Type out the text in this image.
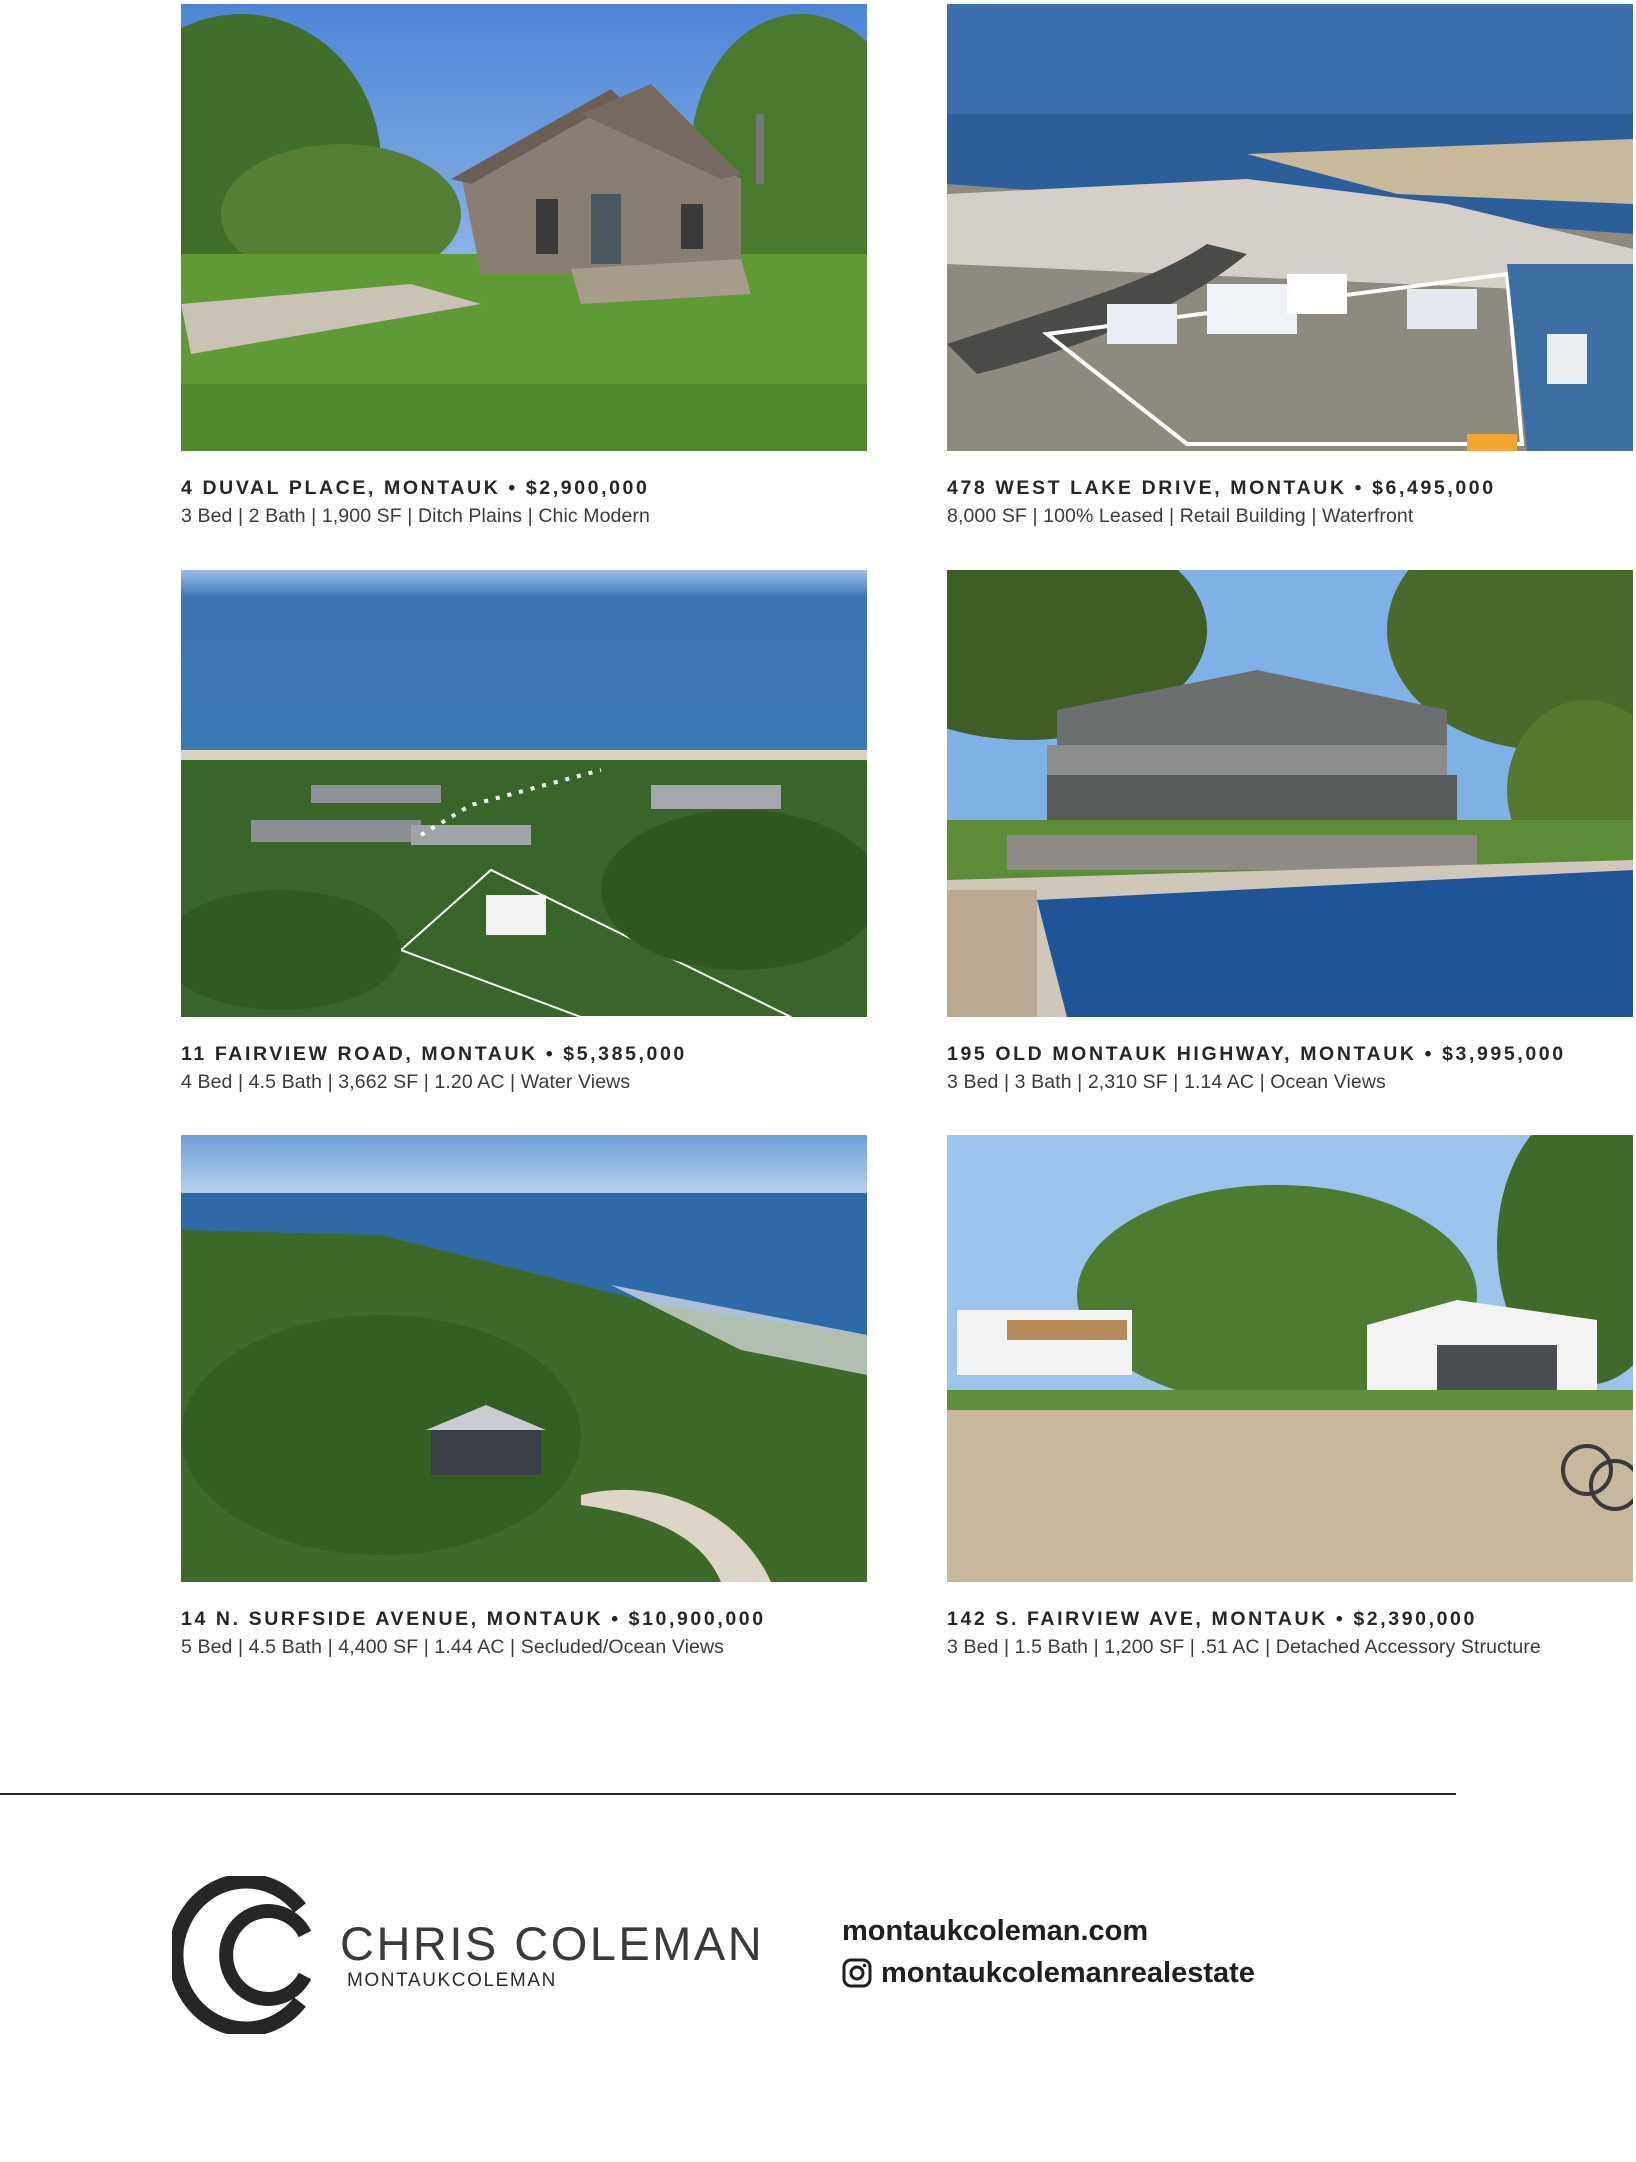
4 DUVAL PLACE, MONTAUK • $2,900,000
3 Bed | 2 Bath | 1,900 SF | Ditch Plains | Chic Modern
478 WEST LAKE DRIVE, MONTAUK • $6,495,000
8,000 SF | 100% Leased | Retail Building | Waterfront
11 FAIRVIEW ROAD, MONTAUK • $5,385,000
4 Bed | 4.5 Bath | 3,662 SF | 1.20 AC | Water Views
195 OLD MONTAUK HIGHWAY, MONTAUK • $3,995,000
3 Bed | 3 Bath | 2,310 SF | 1.14 AC | Ocean Views
14 N. SURFSIDE AVENUE, MONTAUK • $10,900,000
5 Bed | 4.5 Bath | 4,400 SF | 1.44 AC | Secluded/Ocean Views
142 S. FAIRVIEW AVE, MONTAUK • $2,390,000
3 Bed | 1.5 Bath | 1,200 SF | .51 AC | Detached Accessory Structure
CHRIS COLEMAN
MONTAUKCOLEMAN
montaukcoleman.com
montaukcolemanrealestate
